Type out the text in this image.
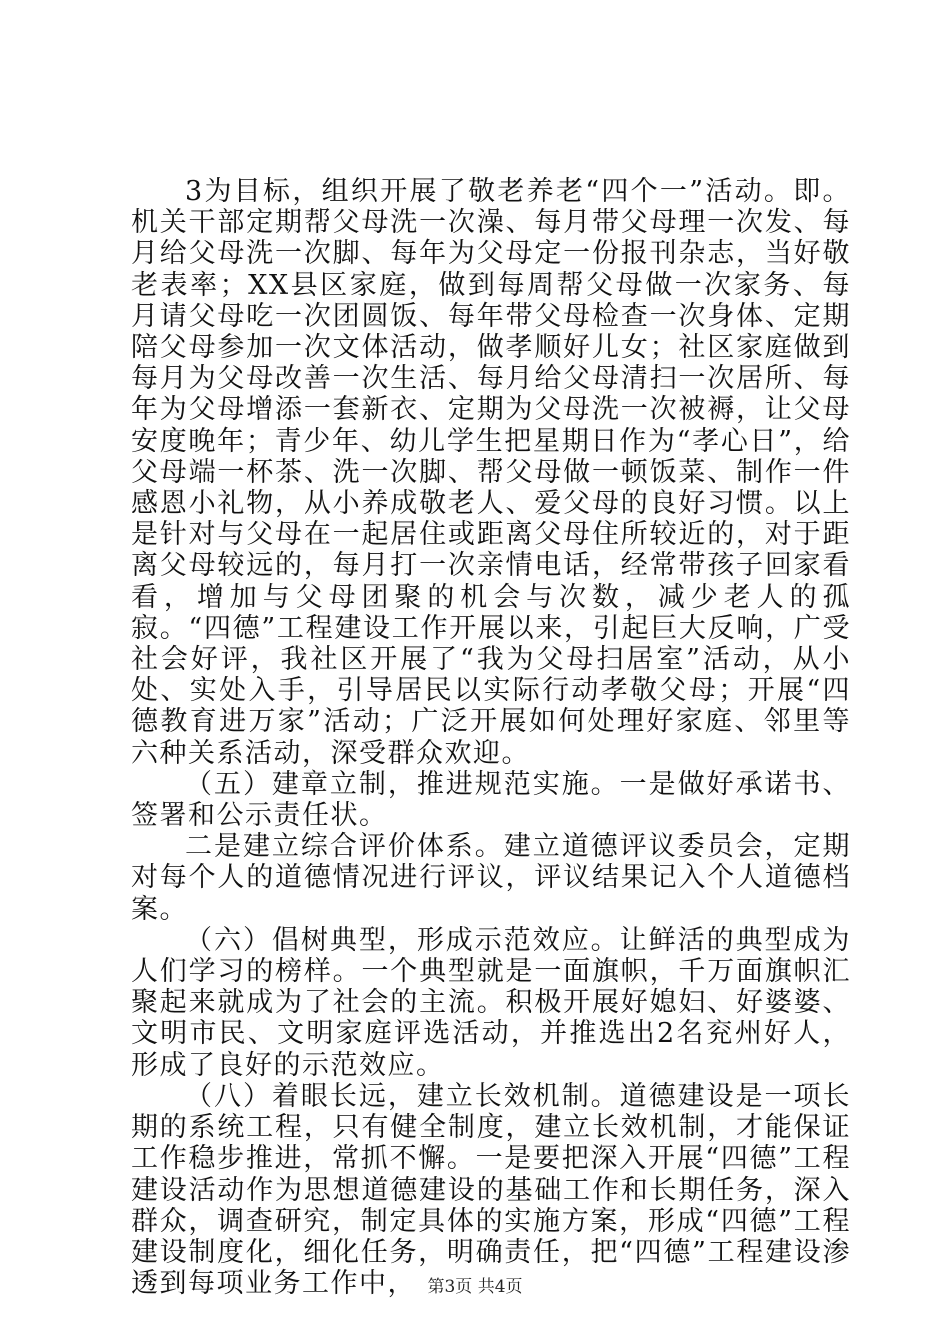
3为目标，组织开展了敬老养老“四个一”活动。即。机关干部定期帮父母洗一次澡、每月带父母理一次发、每月给父母洗一次脚、每年为父母定一份报刊杂志，当好敬老表率；XX县区家庭，做到每周帮父母做一次家务、每月请父母吃一次团圆饭、每年带父母检查一次身体、定期陪父母参加一次文体活动，做孝顺好儿女；社区家庭做到每月为父母改善一次生活、每月给父母清扫一次居所、每年为父母增添一套新衣、定期为父母洗一次被褥，让父母安度晚年；青少年、幼儿学生把星期日作为“孝心日”，给父母端一杯茶、洗一次脚、帮父母做一顿饭菜、制作一件感恩小礼物，从小养成敬老人、爱父母的良好习惯。以上是针对与父母在一起居住或距离父母住所较近的，对于距离父母较远的，每月打一次亲情电话，经常带孩子回家看看，增加与父母团聚的机会与次数，减少老人的孤寂。“四德”工程建设工作开展以来，引起巨大反响，广受社会好评，我社区开展了“我为父母扫居室”活动，从小处、实处入手，引导居民以实际行动孝敬父母；开展“四德教育进万家”活动；广泛开展如何处理好家庭、邻里等六种关系活动，深受群众欢迎。

（五）建章立制，推进规范实施。一是做好承诺书、签署和公示责任状。

二是建立综合评价体系。建立道德评议委员会，定期对每个人的道德情况进行评议，评议结果记入个人道德档案。

（六）倡树典型，形成示范效应。让鲜活的典型成为人们学习的榜样。一个典型就是一面旗帜，千万面旗帜汇聚起来就成为了社会的主流。积极开展好媳妇、好婆婆、文明市民、文明家庭评选活动，并推选出2名兖州好人，形成了良好的示范效应。

（八）着眼长远，建立长效机制。道德建设是一项长期的系统工程，只有健全制度，建立长效机制，才能保证工作稳步推进，常抓不懈。一是要把深入开展“四德”工程建设活动作为思想道德建设的基础工作和长期任务，深入群众，调查研究，制定具体的实施方案，形成“四德”工程建设制度化，细化任务，明确责任，把“四德”工程建设渗透到每项业务工作中， 第3页 共4页
